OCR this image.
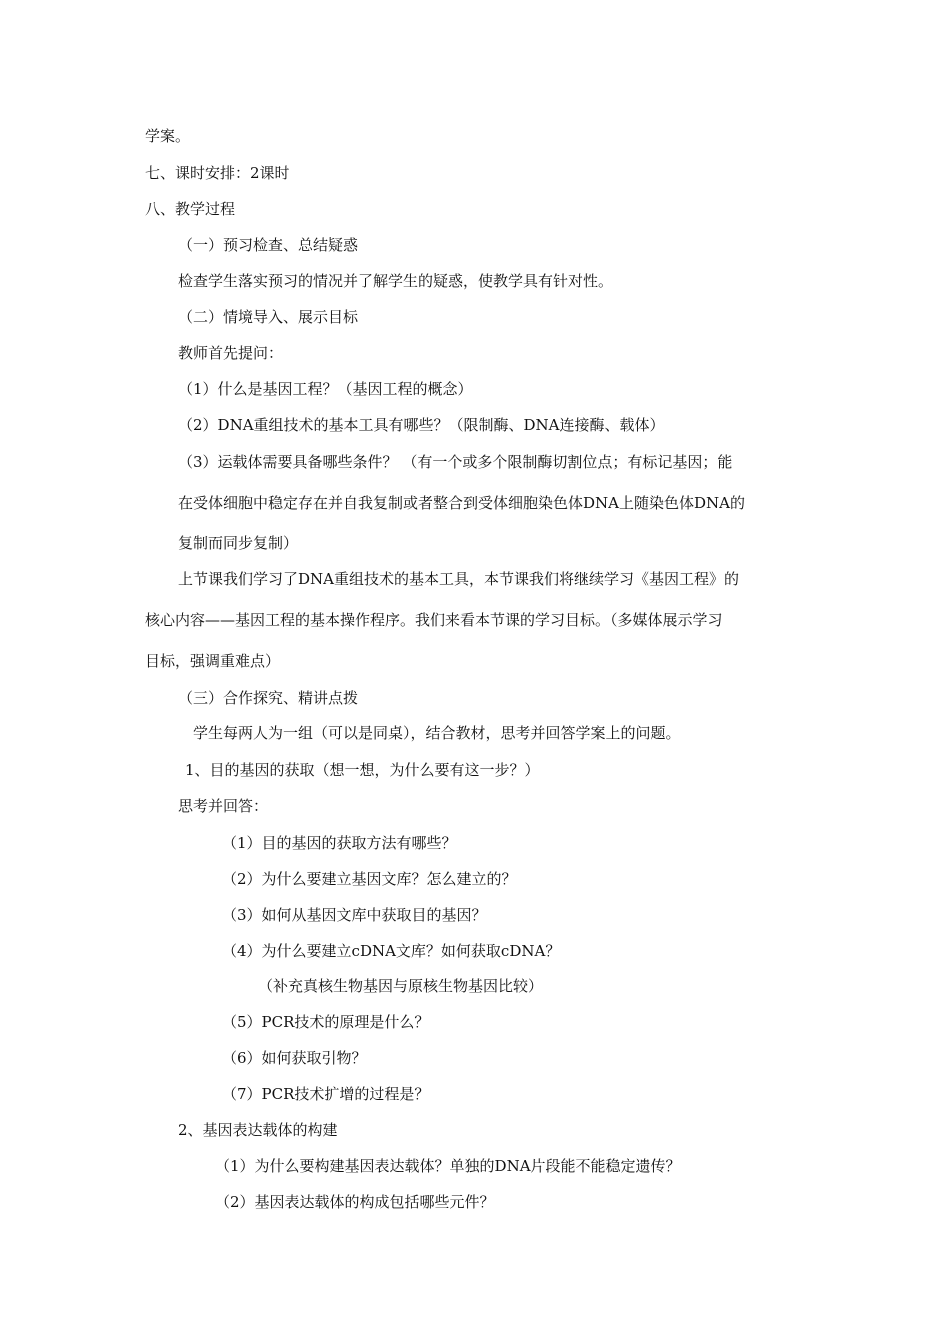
学案。
七、课时安排：2课时
八、教学过程
（一）预习检查、总结疑惑
检查学生落实预习的情况并了解学生的疑惑，使教学具有针对性。
（二）情境导入、展示目标
教师首先提问：
（1）什么是基因工程？（基因工程的概念）
（2）DNA重组技术的基本工具有哪些？（限制酶、DNA连接酶、载体）
（3）运载体需要具备哪些条件？ （有一个或多个限制酶切割位点；有标记基因；能
在受体细胞中稳定存在并自我复制或者整合到受体细胞染色体DNA上随染色体DNA的
复制而同步复制）
上节课我们学习了DNA重组技术的基本工具，本节课我们将继续学习《基因工程》的
核心内容——基因工程的基本操作程序。我们来看本节课的学习目标。（多媒体展示学习
目标，强调重难点）
（三）合作探究、精讲点拨
学生每两人为一组（可以是同桌），结合教材，思考并回答学案上的问题。
1、目的基因的获取（想一想，为什么要有这一步？）
思考并回答：
（1）目的基因的获取方法有哪些？
（2）为什么要建立基因文库？怎么建立的？
（3）如何从基因文库中获取目的基因？
（4）为什么要建立cDNA文库？如何获取cDNA？
（补充真核生物基因与原核生物基因比较）
（5）PCR技术的原理是什么？
（6）如何获取引物？
（7）PCR技术扩增的过程是？
2、基因表达载体的构建
（1）为什么要构建基因表达载体？单独的DNA片段能不能稳定遗传？
（2）基因表达载体的构成包括哪些元件？
